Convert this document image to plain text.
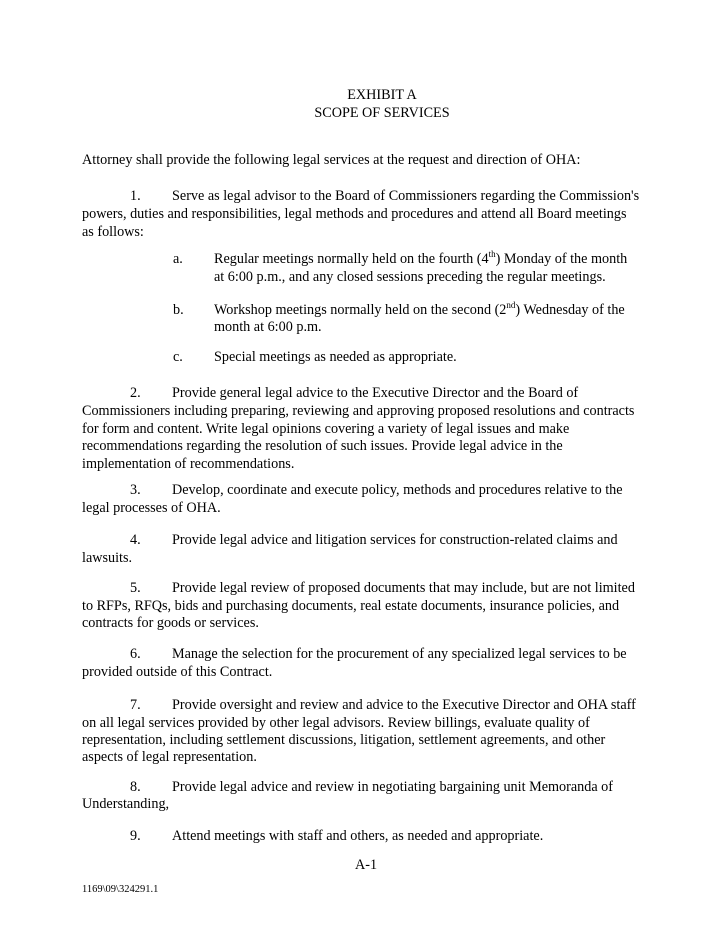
EXHIBIT A
SCOPE OF SERVICES
Attorney shall provide the following legal services at the request and direction of OHA:
1. Serve as legal advisor to the Board of Commissioners regarding the Commission's
powers, duties and responsibilities, legal methods and procedures and attend all Board meetings
as follows:
a. Regular meetings normally held on the fourth (4th) Monday of the month
at 6:00 p.m., and any closed sessions preceding the regular meetings.
b. Workshop meetings normally held on the second (2nd) Wednesday of the
month at 6:00 p.m.
c. Special meetings as needed as appropriate.
2. Provide general legal advice to the Executive Director and the Board of
Commissioners including preparing, reviewing and approving proposed resolutions and contracts
for form and content. Write legal opinions covering a variety of legal issues and make
recommendations regarding the resolution of such issues. Provide legal advice in the
implementation of recommendations.
3. Develop, coordinate and execute policy, methods and procedures relative to the
legal processes of OHA.
4. Provide legal advice and litigation services for construction-related claims and
lawsuits.
5. Provide legal review of proposed documents that may include, but are not limited
to RFPs, RFQs, bids and purchasing documents, real estate documents, insurance policies, and
contracts for goods or services.
6. Manage the selection for the procurement of any specialized legal services to be
provided outside of this Contract.
7. Provide oversight and review and advice to the Executive Director and OHA staff
on all legal services provided by other legal advisors. Review billings, evaluate quality of
representation, including settlement discussions, litigation, settlement agreements, and other
aspects of legal representation.
8. Provide legal advice and review in negotiating bargaining unit Memoranda of
Understanding,
9. Attend meetings with staff and others, as needed and appropriate.
A-1
1169\09\324291.1
